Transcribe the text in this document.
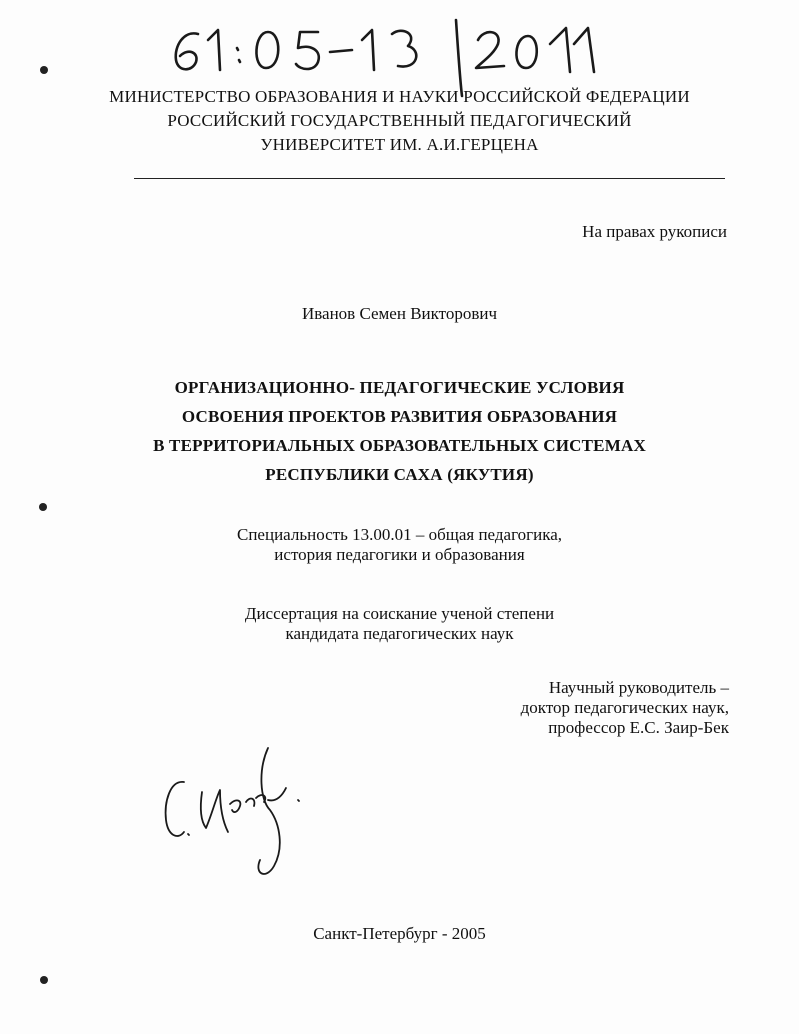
МИНИСТЕРСТВО ОБРАЗОВАНИЯ И НАУКИ РОССИЙСКОЙ ФЕДЕРАЦИИ
РОССИЙСКИЙ ГОСУДАРСТВЕННЫЙ ПЕДАГОГИЧЕСКИЙ
УНИВЕРСИТЕТ ИМ. А.И.ГЕРЦЕНА
На правах рукописи
Иванов Семен Викторович
ОРГАНИЗАЦИОННО- ПЕДАГОГИЧЕСКИЕ УСЛОВИЯ
ОСВОЕНИЯ ПРОЕКТОВ РАЗВИТИЯ ОБРАЗОВАНИЯ
В ТЕРРИТОРИАЛЬНЫХ ОБРАЗОВАТЕЛЬНЫХ СИСТЕМАХ
РЕСПУБЛИКИ САХА (ЯКУТИЯ)
Специальность 13.00.01 – общая педагогика,
история педагогики и образования
Диссертация на соискание ученой степени
кандидата педагогических наук
Научный руководитель –
доктор педагогических наук,
профессор Е.С. Заир-Бек
Санкт-Петербург - 2005
